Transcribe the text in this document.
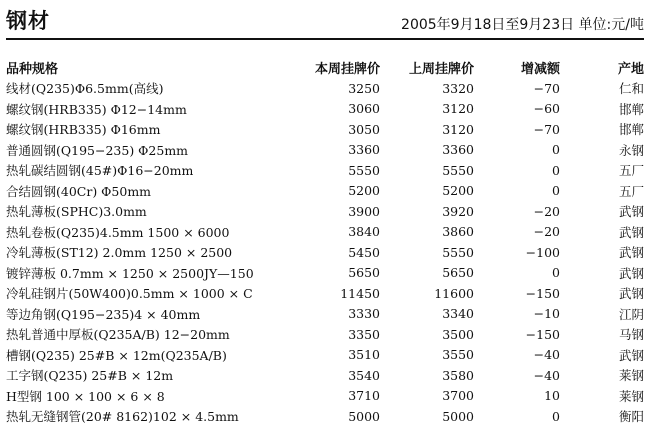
钢材	2005年9月18日至9月23日 单位:元/吨
品种规格	本周挂牌价	上周挂牌价	增减额	产地
线材(Q235)Φ6.5mm(高线)	3250	3320	−70	仁和
螺纹钢(HRB335) Φ12−14mm	3060	3120	−60	邯郸
螺纹钢(HRB335) Φ16mm	3050	3120	−70	邯郸
普通圆钢(Q195−235) Φ25mm	3360	3360	0	永钢
热轧碳结圆钢(45#)Φ16−20mm	5550	5550	0	五厂
合结圆钢(40Cr) Φ50mm	5200	5200	0	五厂
热轧薄板(SPHC)3.0mm	3900	3920	−20	武钢
热轧卷板(Q235)4.5mm 1500 × 6000	3840	3860	−20	武钢
冷轧薄板(ST12) 2.0mm 1250 × 2500	5450	5550	−100	武钢
镀锌薄板 0.7mm × 1250 × 2500JY—150	5650	5650	0	武钢
冷轧硅钢片(50W400)0.5mm × 1000 × C	11450	11600	−150	武钢
等边角钢(Q195−235)4 × 40mm	3330	3340	−10	江阴
热轧普通中厚板(Q235A/B) 12−20mm	3350	3500	−150	马钢
槽钢(Q235) 25#B × 12m(Q235A/B)	3510	3550	−40	武钢
工字钢(Q235) 25#B × 12m	3540	3580	−40	莱钢
H型钢 100 × 100 × 6 × 8	3710	3700	10	莱钢
热轧无缝钢管(20# 8162)102 × 4.5mm	5000	5000	0	衡阳
